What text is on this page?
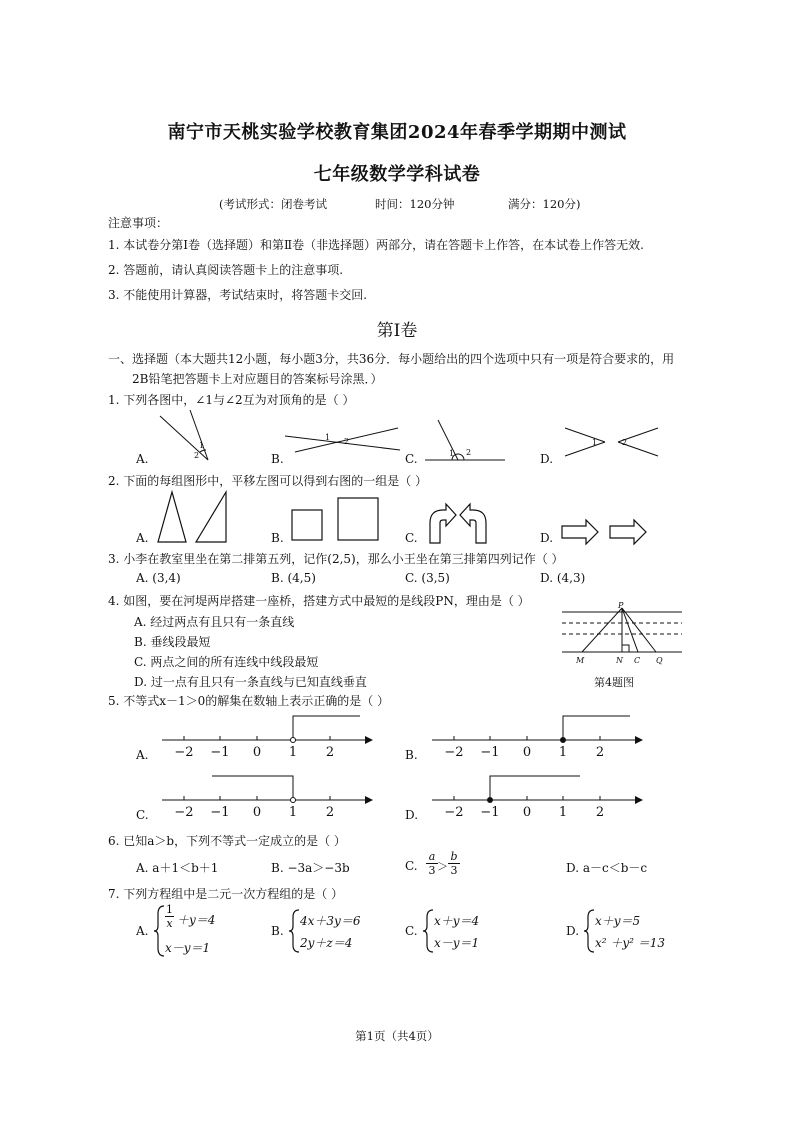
南宁市天桃实验学校教育集团2024年春季学期期中测试
七年级数学学科试卷
(考试形式：闭卷考试	时间：120分钟	满分：120分)
注意事项：
1. 本试卷分第Ⅰ卷（选择题）和第Ⅱ卷（非选择题）两部分，请在答题卡上作答，在本试卷上作答无效.
2. 答题前，请认真阅读答题卡上的注意事项.
3. 不能使用计算器，考试结束时，将答题卡交回.
第Ⅰ卷
一、选择题（本大题共12小题，每小题3分，共36分．每小题给出的四个选项中只有一项是符合要求的，用
2B铅笔把答题卡上对应题目的答案标号涂黑．）
1. 下列各图中，∠1与∠2互为对顶角的是（ ）
A.	B.	C.	D.
1
2
1 2
1 2
1	2
2. 下面的每组图形中，平移左图可以得到右图的一组是（ ）
A.	B.	C.	D.
3. 小李在教室里坐在第二排第五列，记作(2,5)，那么小王坐在第三排第四列记作（ ）
A. (3,4)	B. (4,5)	C. (3,5)	D. (4,3)
4. 如图，要在河堤两岸搭建一座桥，搭建方式中最短的是线段PN，理由是（ ）
A. 经过两点有且只有一条直线
B. 垂线段最短
C. 两点之间的所有连线中线段最短
D. 过一点有且只有一条直线与已知直线垂直
P
M	N C Q
第4题图
5. 不等式x－1＞0的解集在数轴上表示正确的是（ ）
A.	B.
C.	D.
−2 −1 0 1 2	−2 −1 0 1 2
−2 −1 0 1 2	−2 −1 0 1 2
6. 已知a＞b，下列不等式一定成立的是（ ）
A. a＋1＜b＋1	B. −3a＞−3b	C. $\frac{a}{3} > \frac{b}{3}$	D. a－c＜b－c
7. 下列方程组中是二元一次方程组的是（ ）
A.	B.	C.	D.
$\frac{1}{x} +y=4$
x－y＝1
4x＋3y＝6
2y＋z＝4
x＋y＝4
x－y＝1
x＋y＝5
x² ＋y² ＝13
第1页（共4页）
